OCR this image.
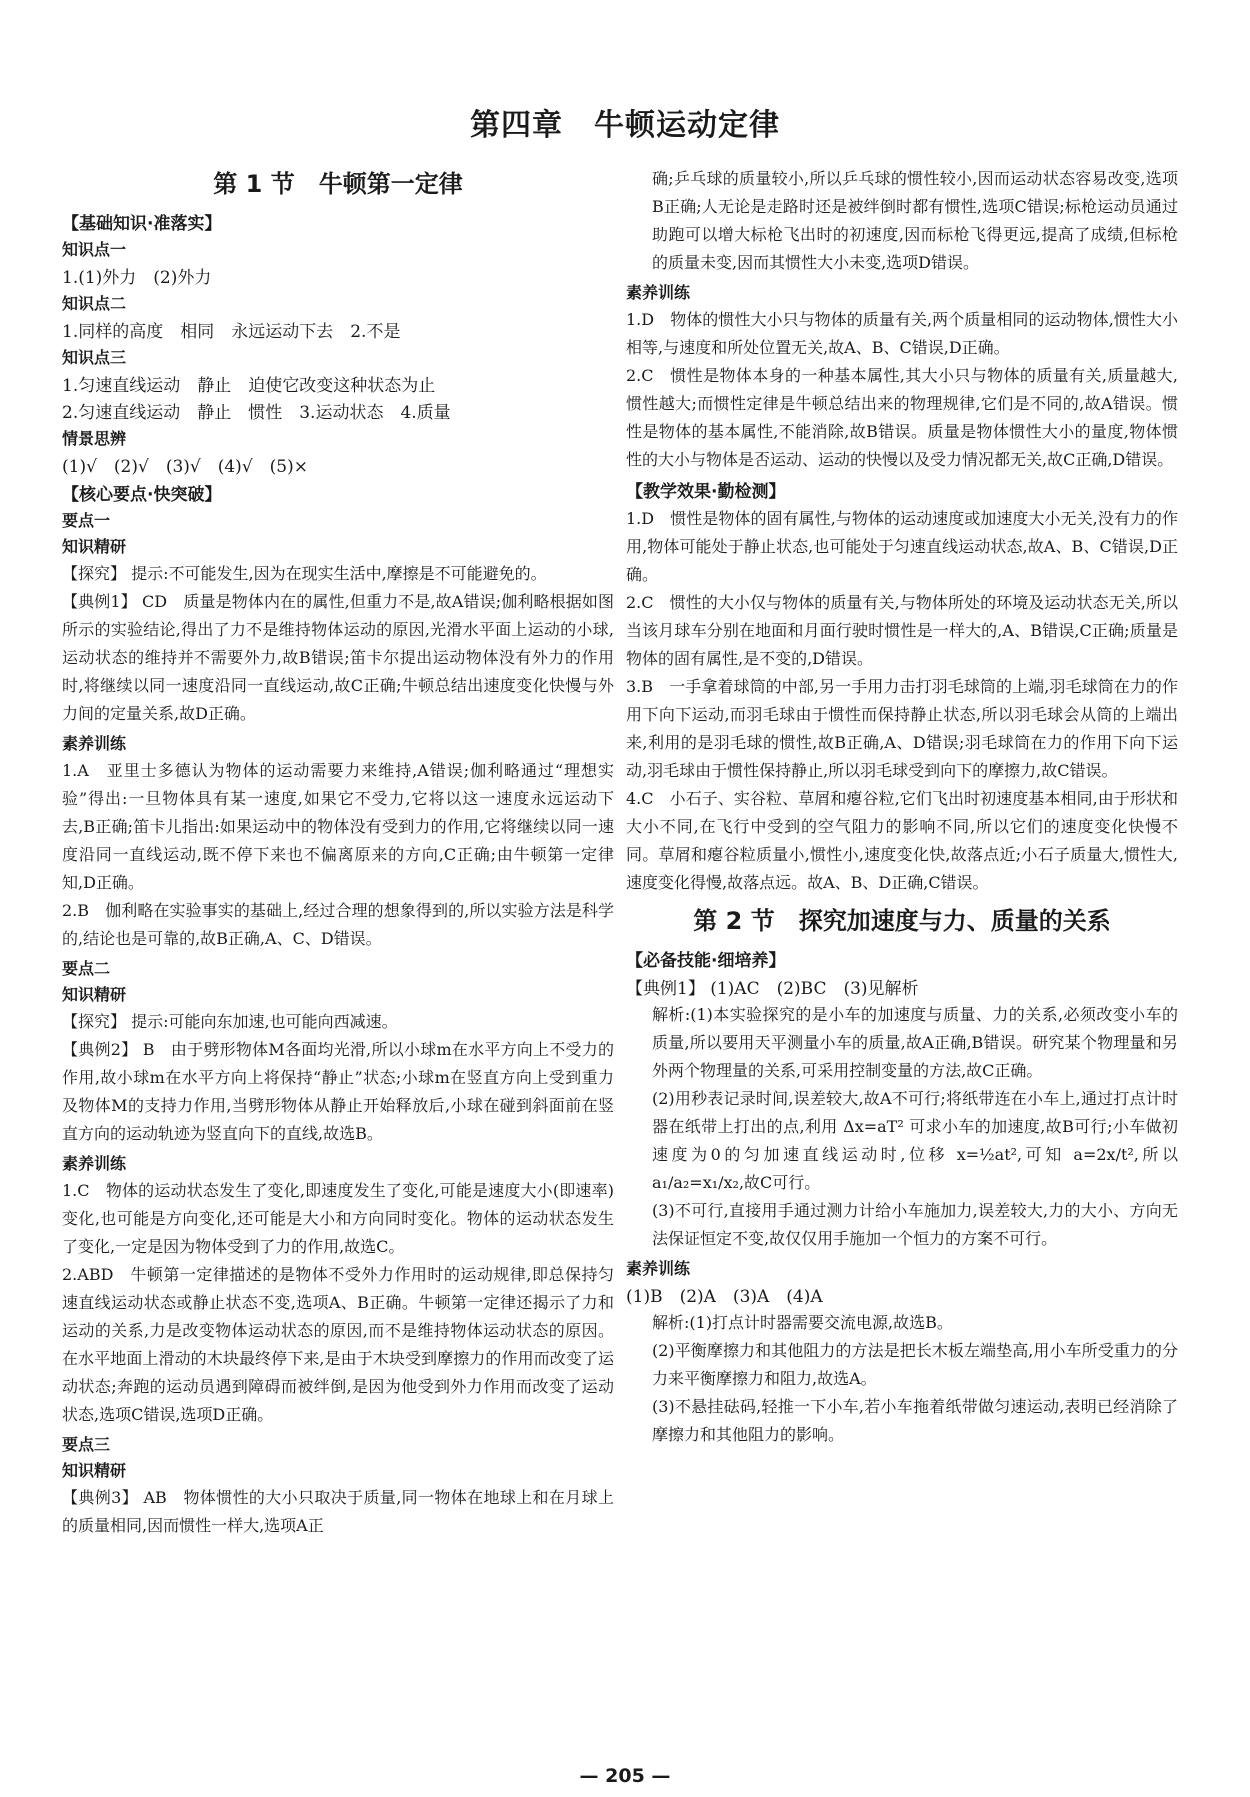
第四章　牛顿运动定律
第 1 节　牛顿第一定律
【基础知识·准落实】
知识点一
1.(1)外力　(2)外力
知识点二
1.同样的高度　相同　永远运动下去　2.不是
知识点三
1.匀速直线运动　静止　迫使它改变这种状态为止
2.匀速直线运动　静止　惯性　3.运动状态　4.质量
情景思辨
(1)√　(2)√　(3)√　(4)√　(5)×
【核心要点·快突破】
要点一
知识精研

【探究】 提示:不可能发生,因为在现实生活中,摩擦是不可能避免的。

【典例1】 CD　质量是物体内在的属性,但重力不是,故A错误;伽利略根据如图所示的实验结论,得出了力不是维持物体运动的原因,光滑水平面上运动的小球,运动状态的维持并不需要外力,故B错误;笛卡尔提出运动物体没有外力的作用时,将继续以同一速度沿同一直线运动,故C正确;牛顿总结出速度变化快慢与外力间的定量关系,故D正确。

素养训练

1.A　亚里士多德认为物体的运动需要力来维持,A错误;伽利略通过“理想实验”得出:一旦物体具有某一速度,如果它不受力,它将以这一速度永远运动下去,B正确;笛卡儿指出:如果运动中的物体没有受到力的作用,它将继续以同一速度沿同一直线运动,既不停下来也不偏离原来的方向,C正确;由牛顿第一定律知,D正确。

2.B　伽利略在实验事实的基础上,经过合理的想象得到的,所以实验方法是科学的,结论也是可靠的,故B正确,A、C、D错误。

要点二
知识精研

【探究】 提示:可能向东加速,也可能向西减速。

【典例2】 B　由于劈形物体M各面均光滑,所以小球m在水平方向上不受力的作用,故小球m在水平方向上将保持“静止”状态;小球m在竖直方向上受到重力及物体M的支持力作用,当劈形物体从静止开始释放后,小球在碰到斜面前在竖直方向的运动轨迹为竖直向下的直线,故选B。

素养训练

1.C　物体的运动状态发生了变化,即速度发生了变化,可能是速度大小(即速率)变化,也可能是方向变化,还可能是大小和方向同时变化。物体的运动状态发生了变化,一定是因为物体受到了力的作用,故选C。

2.ABD　牛顿第一定律描述的是物体不受外力作用时的运动规律,即总保持匀速直线运动状态或静止状态不变,选项A、B正确。牛顿第一定律还揭示了力和运动的关系,力是改变物体运动状态的原因,而不是维持物体运动状态的原因。在水平地面上滑动的木块最终停下来,是由于木块受到摩擦力的作用而改变了运动状态;奔跑的运动员遇到障碍而被绊倒,是因为他受到外力作用而改变了运动状态,选项C错误,选项D正确。

要点三
知识精研

【典例3】 AB　物体惯性的大小只取决于质量,同一物体在地球上和在月球上的质量相同,因而惯性一样大,选项A正

确;乒乓球的质量较小,所以乒乓球的惯性较小,因而运动状态容易改变,选项B正确;人无论是走路时还是被绊倒时都有惯性,选项C错误;标枪运动员通过助跑可以增大标枪飞出时的初速度,因而标枪飞得更远,提高了成绩,但标枪的质量未变,因而其惯性大小未变,选项D错误。

素养训练

1.D　物体的惯性大小只与物体的质量有关,两个质量相同的运动物体,惯性大小相等,与速度和所处位置无关,故A、B、C错误,D正确。

2.C　惯性是物体本身的一种基本属性,其大小只与物体的质量有关,质量越大,惯性越大;而惯性定律是牛顿总结出来的物理规律,它们是不同的,故A错误。惯性是物体的基本属性,不能消除,故B错误。质量是物体惯性大小的量度,物体惯性的大小与物体是否运动、运动的快慢以及受力情况都无关,故C正确,D错误。

【教学效果·勤检测】

1.D　惯性是物体的固有属性,与物体的运动速度或加速度大小无关,没有力的作用,物体可能处于静止状态,也可能处于匀速直线运动状态,故A、B、C错误,D正确。

2.C　惯性的大小仅与物体的质量有关,与物体所处的环境及运动状态无关,所以当该月球车分别在地面和月面行驶时惯性是一样大的,A、B错误,C正确;质量是物体的固有属性,是不变的,D错误。

3.B　一手拿着球筒的中部,另一手用力击打羽毛球筒的上端,羽毛球筒在力的作用下向下运动,而羽毛球由于惯性而保持静止状态,所以羽毛球会从筒的上端出来,利用的是羽毛球的惯性,故B正确,A、D错误;羽毛球筒在力的作用下向下运动,羽毛球由于惯性保持静止,所以羽毛球受到向下的摩擦力,故C错误。

4.C　小石子、实谷粒、草屑和瘪谷粒,它们飞出时初速度基本相同,由于形状和大小不同,在飞行中受到的空气阻力的影响不同,所以它们的速度变化快慢不同。草屑和瘪谷粒质量小,惯性小,速度变化快,故落点近;小石子质量大,惯性大,速度变化得慢,故落点远。故A、B、D正确,C错误。

第 2 节　探究加速度与力、质量的关系
【必备技能·细培养】
【典例1】 (1)AC　(2)BC　(3)见解析

解析:(1)本实验探究的是小车的加速度与质量、力的关系,必须改变小车的质量,所以要用天平测量小车的质量,故A正确,B错误。研究某个物理量和另外两个物理量的关系,可采用控制变量的方法,故C正确。

(2)用秒表记录时间,误差较大,故A不可行;将纸带连在小车上,通过打点计时器在纸带上打出的点,利用 Δx=aT² 可求小车的加速度,故B可行;小车做初速度为0的匀加速直线运动时,位移 x=½at²,可知 a=2x/t²,所以 a₁/a₂=x₁/x₂,故C可行。

(3)不可行,直接用手通过测力计给小车施加力,误差较大,力的大小、方向无法保证恒定不变,故仅仅用手施加一个恒力的方案不可行。

素养训练
(1)B　(2)A　(3)A　(4)A

解析:(1)打点计时器需要交流电源,故选B。

(2)平衡摩擦力和其他阻力的方法是把长木板左端垫高,用小车所受重力的分力来平衡摩擦力和阻力,故选A。

(3)不悬挂砝码,轻推一下小车,若小车拖着纸带做匀速运动,表明已经消除了摩擦力和其他阻力的影响。

— 205 —
